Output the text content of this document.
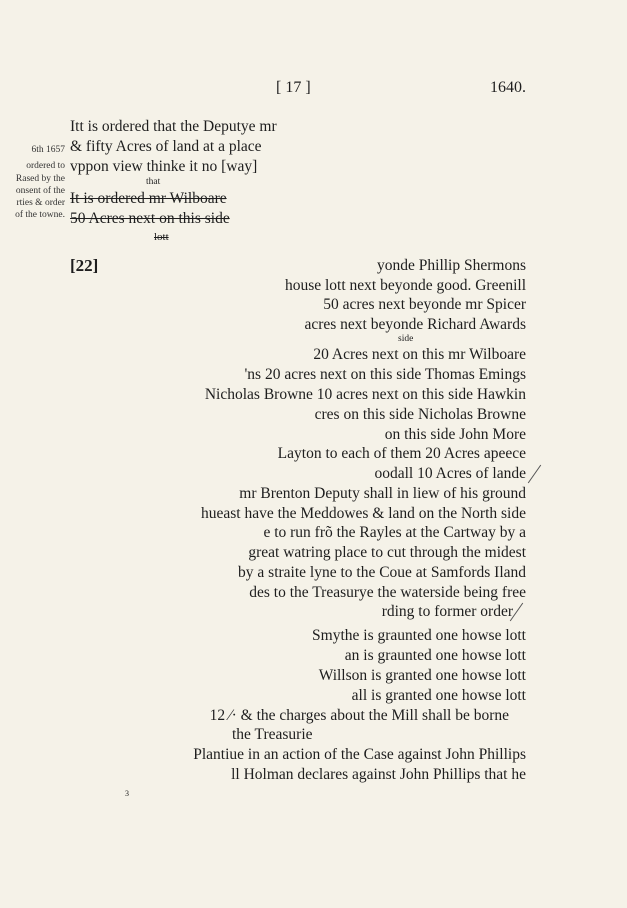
[ 17 ]	1640.
6th 1657
ordered to
Rased by the
onsent of the
rties & order
of the towne.
Itt is ordered that the Deputye mr
& fifty Acres of land at a place
vppon view thinke it no [way]
that
It is ordered mr Wilboare
50 Acres next on this side
lott
[22]	yonde Phillip Shermons
house lott next beyonde good. Greenill
50 acres next beyonde mr Spicer
acres next beyonde Richard Awards
side
20 Acres next on this mr Wilboare
'ns 20 acres next on this side Thomas Emings
Nicholas Browne 10 acres next on this side Hawkin
cres on this side Nicholas Browne
on this side John More
Layton to each of them 20 Acres apeece
oodall 10 Acres of lande
mr Brenton Deputy shall in liew of his ground
hueast have the Meddowes & land on the North side
e to run frõ the Rayles at the Cartway by a
great watring place to cut through the midest
by a straite lyne to the Coue at Samfords Iland
des to the Treasurye the waterside being free
rding to former order
Smythe is graunted one howse lott
an is graunted one howse lott
Willson is granted one howse lott
all is granted one howse lott
12 ⁄· & the charges about the Mill shall be borne
the Treasurie
Plantiue in an action of the Case against John Phillips
ll Holman declares against John Phillips that he
3
